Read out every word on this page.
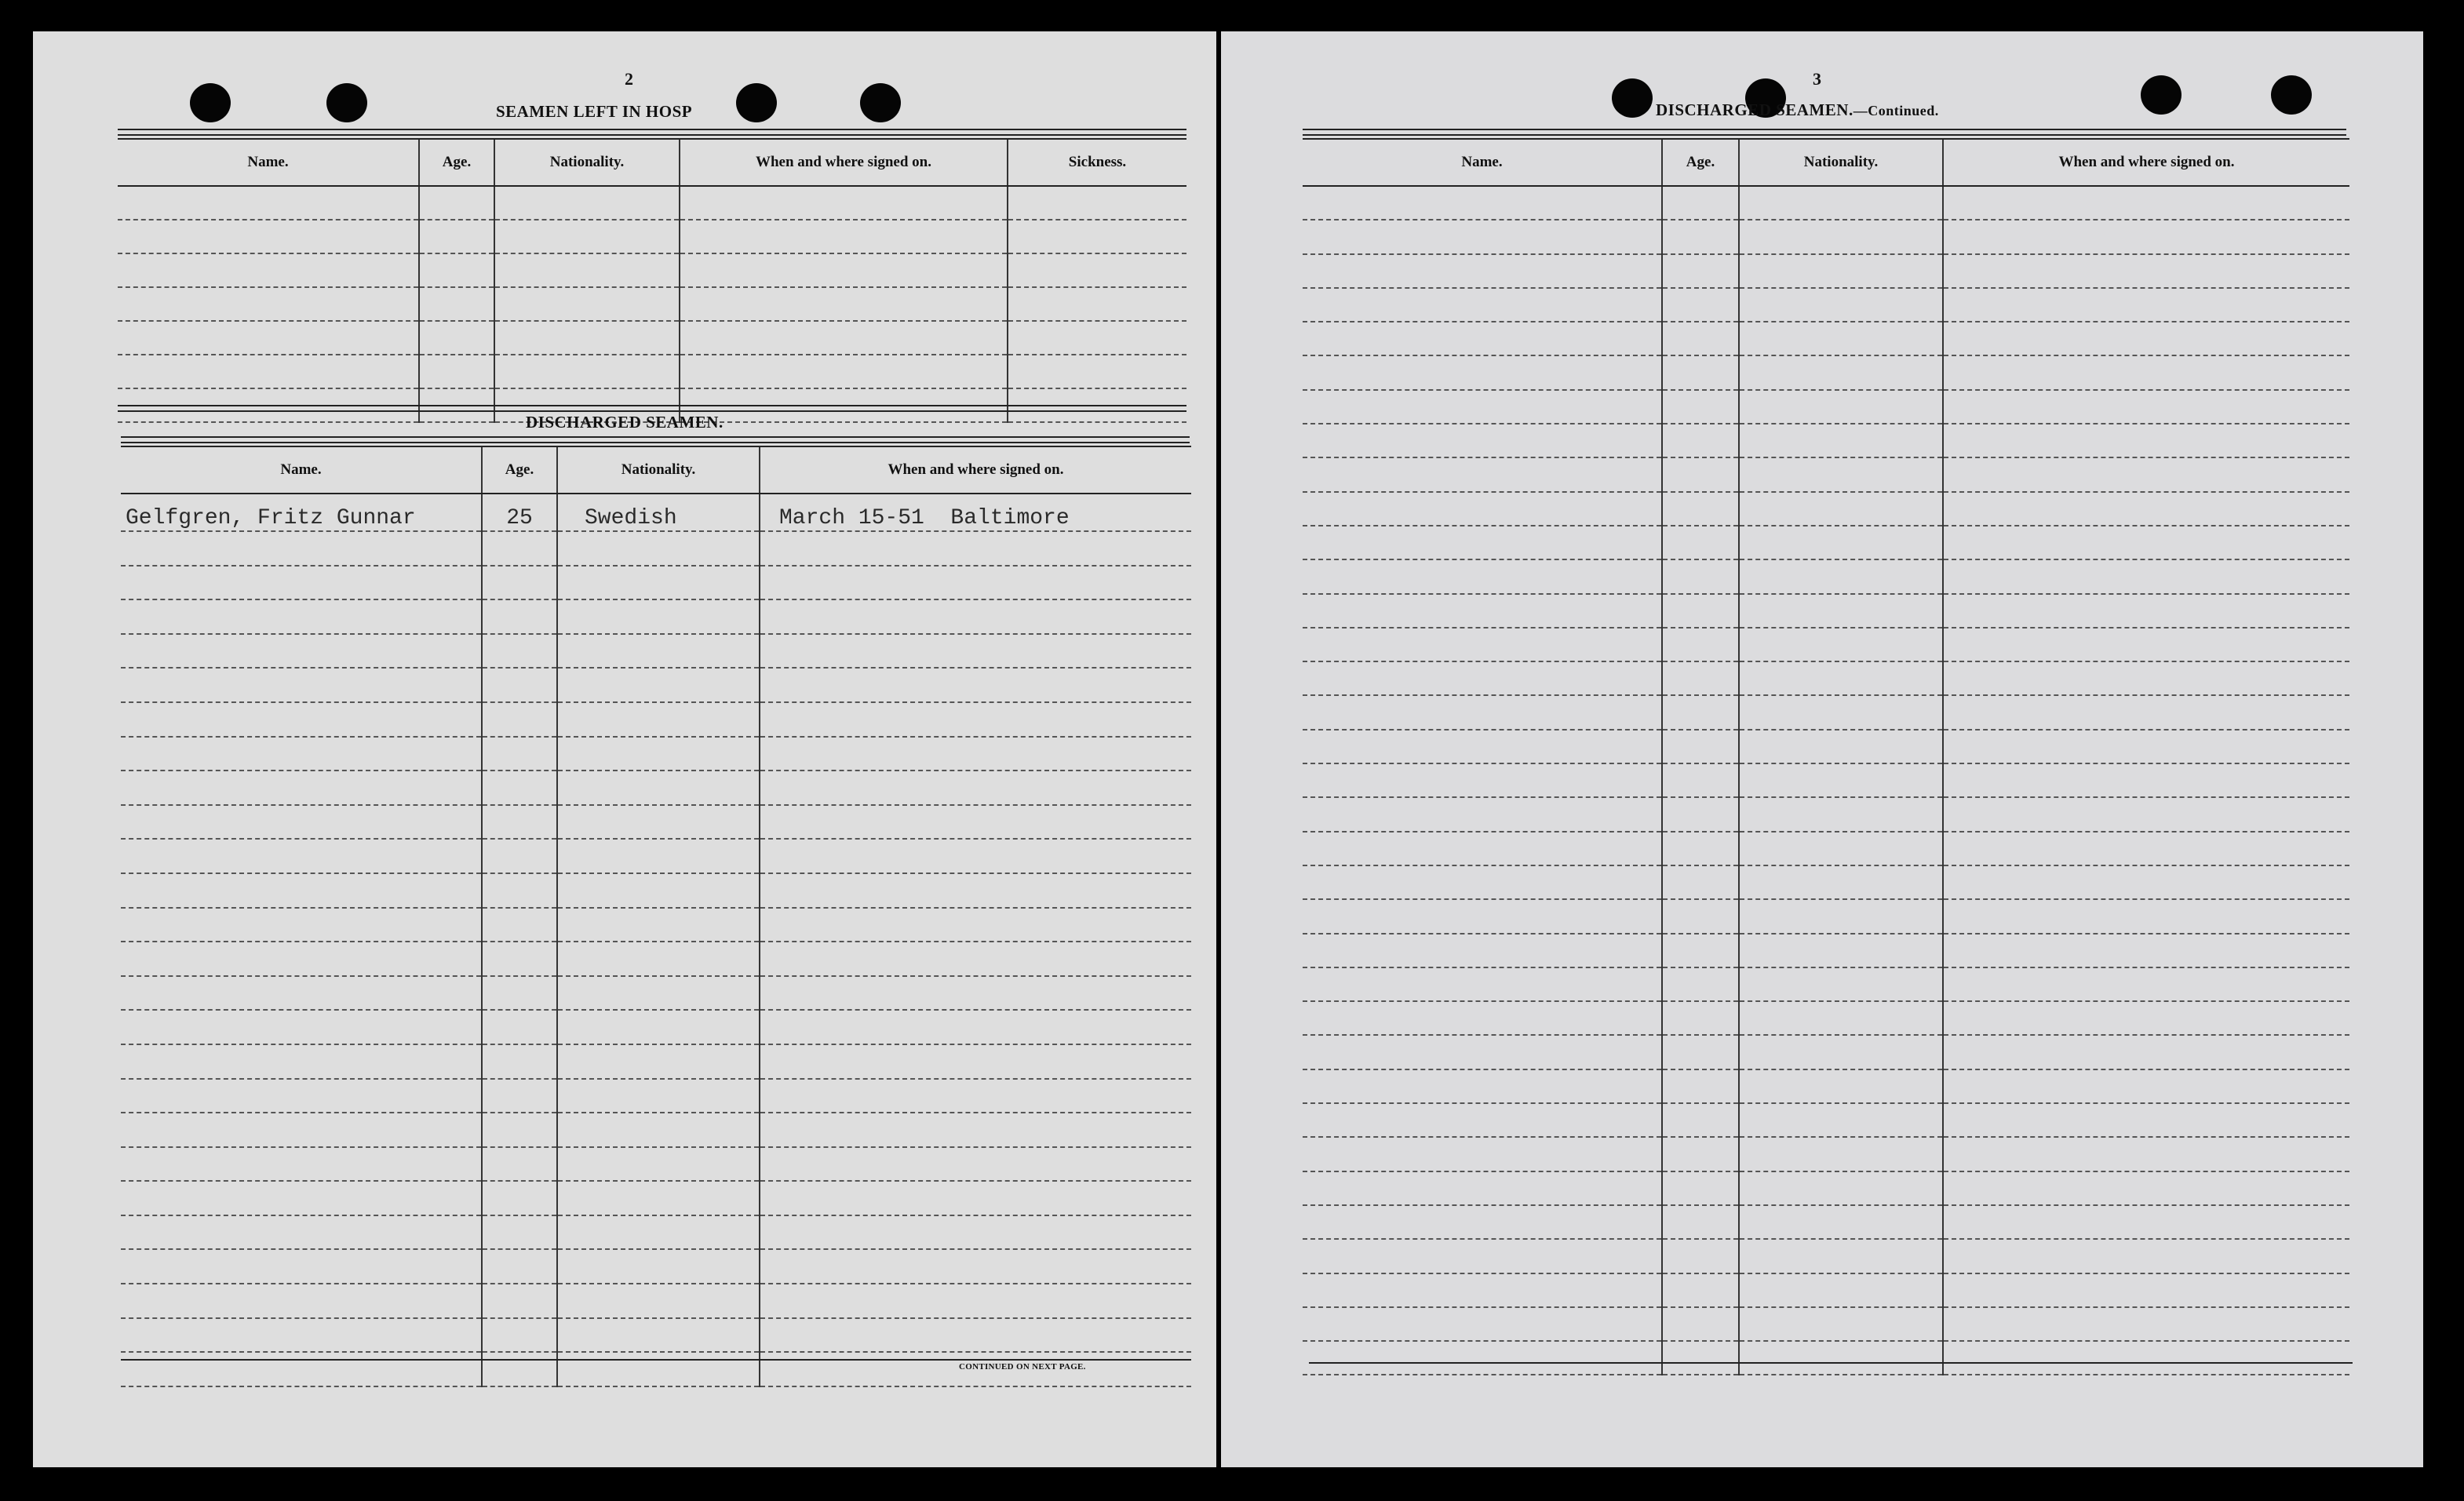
2
SEAMEN LEFT IN HOSP
Name.	Age.	Nationality.	When and where signed on.	Sickness.

DISCHARGED SEAMEN.
Name.	Age.	Nationality.	When and where signed on.
Gelfgren, Fritz Gunnar	25	Swedish	March 15-51  Baltimore

CONTINUED ON NEXT PAGE.
3
DISCHARGED SEAMEN.—Continued.
Name.	Age.	Nationality.	When and where signed on.
